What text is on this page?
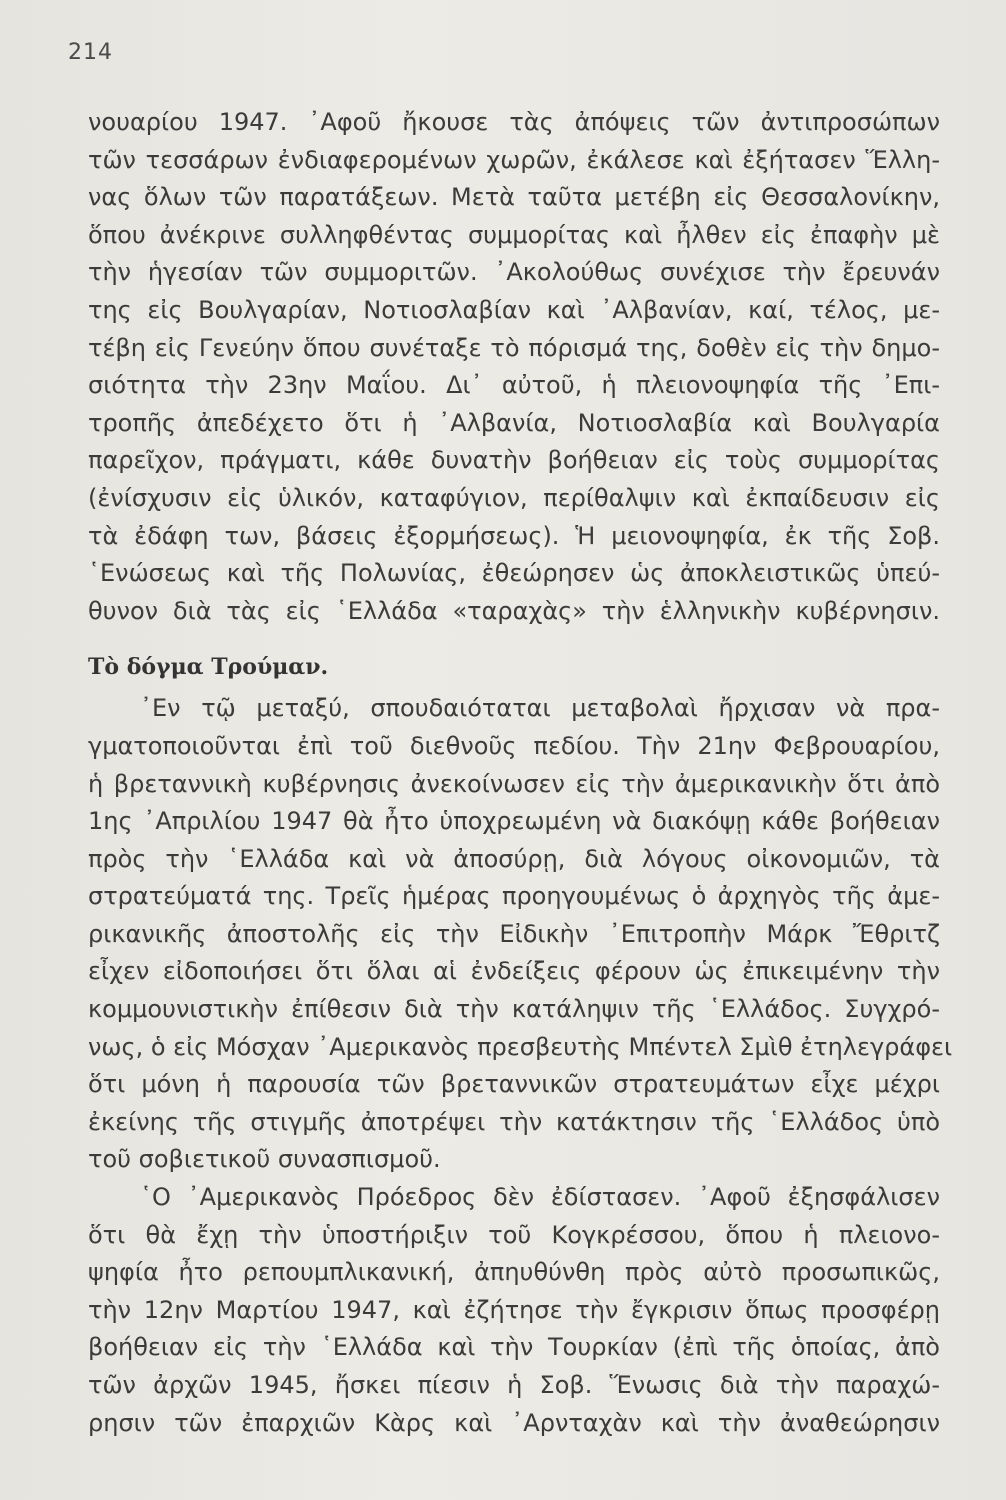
214
νουαρίου 1947. ᾿Αφοῦ ἤκουσε τὰς ἀπόψεις τῶν ἀντιπροσώπων
τῶν τεσσάρων ἐνδιαφερομένων χωρῶν, ἐκάλεσε καὶ ἐξήτασεν Ἕλλη-
νας ὅλων τῶν παρατάξεων. Μετὰ ταῦτα μετέβη εἰς Θεσσαλονίκην,
ὅπου ἀνέκρινε συλληφθέντας συμμορίτας καὶ ἦλθεν εἰς ἐπαφὴν μὲ
τὴν ἡγεσίαν τῶν συμμοριτῶν. ᾿Ακολούθως συνέχισε τὴν ἔρευνάν
της εἰς Βουλγαρίαν, Νοτιοσλαβίαν καὶ ᾿Αλβανίαν, καί, τέλος, με-
τέβη εἰς Γενεύην ὅπου συνέταξε τὸ πόρισμά της, δοθὲν εἰς τὴν δημο-
σιότητα τὴν 23ην Μαΐου. Δι᾿ αὐτοῦ, ἡ πλειονοψηφία τῆς ᾿Επι-
τροπῆς ἀπεδέχετο ὅτι ἡ ᾿Αλβανία, Νοτιοσλαβία καὶ Βουλγαρία
παρεῖχον, πράγματι, κάθε δυνατὴν βοήθειαν εἰς τοὺς συμμορίτας
(ἐνίσχυσιν εἰς ὑλικόν, καταφύγιον, περίθαλψιν καὶ ἐκπαίδευσιν εἰς
τὰ ἐδάφη των, βάσεις ἐξορμήσεως). Ἡ μειονοψηφία, ἐκ τῆς Σοβ.
῾Ενώσεως καὶ τῆς Πολωνίας, ἐθεώρησεν ὡς ἀποκλειστικῶς ὑπεύ-
θυνον διὰ τὰς εἰς ῾Ελλάδα «ταραχὰς» τὴν ἑλληνικὴν κυβέρνησιν.
Τὸ δόγμα Τρούμαν.
᾿Εν τῷ μεταξύ, σπουδαιόταται μεταβολαὶ ἤρχισαν νὰ πρα-
γματοποιοῦνται ἐπὶ τοῦ διεθνοῦς πεδίου. Τὴν 21ην Φεβρουαρίου,
ἡ βρεταννικὴ κυβέρνησις ἀνεκοίνωσεν εἰς τὴν ἀμερικανικὴν ὅτι ἀπὸ
1ης ᾿Απριλίου 1947 θὰ ἦτο ὑποχρεωμένη νὰ διακόψῃ κάθε βοήθειαν
πρὸς τὴν ῾Ελλάδα καὶ νὰ ἀποσύρῃ, διὰ λόγους οἰκονομιῶν, τὰ
στρατεύματά της. Τρεῖς ἡμέρας προηγουμένως ὁ ἀρχηγὸς τῆς ἀμε-
ρικανικῆς ἀποστολῆς εἰς τὴν Εἰδικὴν ᾿Επιτροπὴν Μάρκ Ἔθριτζ
εἶχεν εἰδοποιήσει ὅτι ὅλαι αἱ ἐνδείξεις φέρουν ὡς ἐπικειμένην τὴν
κομμουνιστικὴν ἐπίθεσιν διὰ τὴν κατάληψιν τῆς ῾Ελλάδος. Συγχρό-
νως, ὁ εἰς Μόσχαν ᾿Αμερικανὸς πρεσβευτὴς Μπέντελ Σμὶθ ἐτηλεγράφει
ὅτι μόνη ἡ παρουσία τῶν βρεταννικῶν στρατευμάτων εἶχε μέχρι
ἐκείνης τῆς στιγμῆς ἀποτρέψει τὴν κατάκτησιν τῆς ῾Ελλάδος ὑπὸ
τοῦ σοβιετικοῦ συνασπισμοῦ.
῾Ο ᾿Αμερικανὸς Πρόεδρος δὲν ἐδίστασεν. ᾿Αφοῦ ἐξησφάλισεν
ὅτι θὰ ἔχῃ τὴν ὑποστήριξιν τοῦ Κογκρέσσου, ὅπου ἡ πλειονο-
ψηφία ἦτο ρεπουμπλικανική, ἀπηυθύνθη πρὸς αὐτὸ προσωπικῶς,
τὴν 12ην Μαρτίου 1947, καὶ ἐζήτησε τὴν ἔγκρισιν ὅπως προσφέρῃ
βοήθειαν εἰς τὴν ῾Ελλάδα καὶ τὴν Τουρκίαν (ἐπὶ τῆς ὁποίας, ἀπὸ
τῶν ἀρχῶν 1945, ἤσκει πίεσιν ἡ Σοβ. Ἕνωσις διὰ τὴν παραχώ-
ρησιν τῶν ἐπαρχιῶν Κὰρς καὶ ᾿Αρνταχὰν καὶ τὴν ἀναθεώρησιν
